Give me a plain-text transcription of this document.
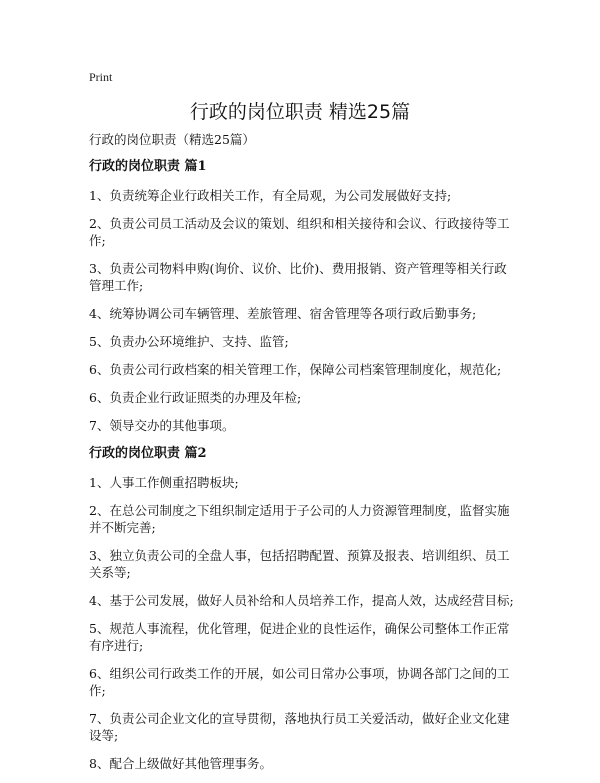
Print
行政的岗位职责 精选25篇

行政的岗位职责（精选25篇）

行政的岗位职责 篇1

1、负责统筹企业行政相关工作，有全局观，为公司发展做好支持;

2、负责公司员工活动及会议的策划、组织和相关接待和会议、行政接待等工作;

3、负责公司物料申购(询价、议价、比价)、费用报销、资产管理等相关行政管理工作;

4、统筹协调公司车辆管理、差旅管理、宿舍管理等各项行政后勤事务;

5、负责办公环境维护、支持、监管;

6、负责公司行政档案的相关管理工作，保障公司档案管理制度化，规范化;

6、负责企业行政证照类的办理及年检;

7、领导交办的其他事项。

行政的岗位职责 篇2

1、人事工作侧重招聘板块;

2、在总公司制度之下组织制定适用于子公司的人力资源管理制度，监督实施并不断完善;

3、独立负责公司的全盘人事，包括招聘配置、预算及报表、培训组织、员工关系等;

4、基于公司发展，做好人员补给和人员培养工作，提高人效，达成经营目标;

5、规范人事流程，优化管理，促进企业的良性运作，确保公司整体工作正常有序进行;

6、组织公司行政类工作的开展，如公司日常办公事项，协调各部门之间的工作;

7、负责公司企业文化的宣导贯彻，落地执行员工关爱活动，做好企业文化建设等;

8、配合上级做好其他管理事务。
